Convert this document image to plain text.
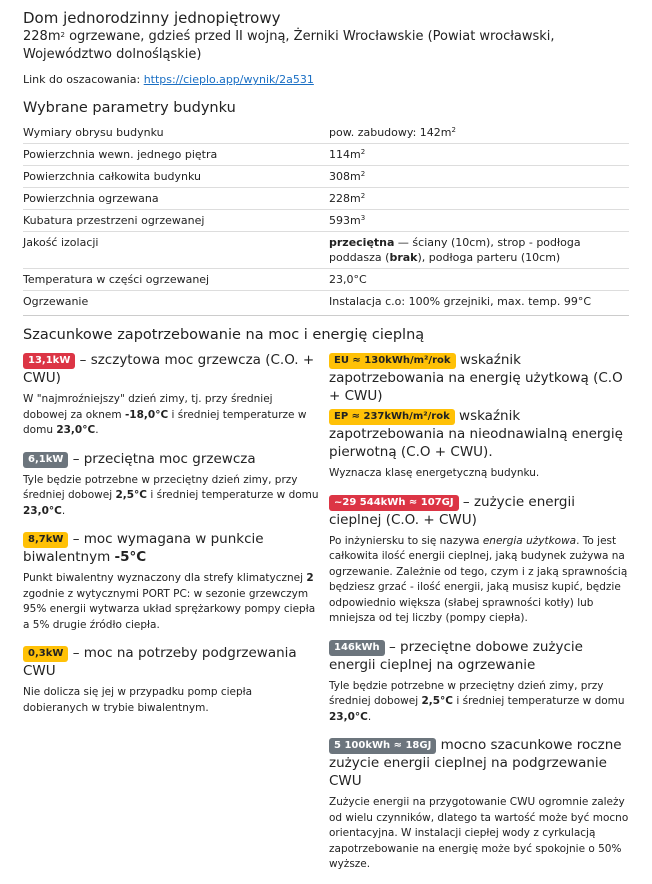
Dom jednorodzinny jednopiętrowy
$228m^2$ ogrzewane, gdzieś przed II wojną, Żerniki Wrocławskie (Powiat wrocławski, Województwo dolnośląskie)
Link do oszacowania: https://cieplo.app/wynik/2a531
Wybrane parametry budynku
Wymiary obrysu budynku	pow. zabudowy: $142m^2$
Powierzchnia wewn. jednego piętra	$114m^2$
Powierzchnia całkowita budynku	$308m^2$
Powierzchnia ogrzewana	$228m^2$
Kubatura przestrzeni ogrzewanej	$593m^3$
Jakość izolacji	przeciętna — ściany (10cm), strop - podłoga poddasza (brak), podłoga parteru (10cm)
Temperatura w części ogrzewanej	23,0°C
Ogrzewanie	Instalacja c.o: 100% grzejniki, max. temp. 99°C
Szacunkowe zapotrzebowanie na moc i energię cieplną
13,1kW – szczytowa moc grzewcza (C.O. + CWU)
W "najmroźniejszy" dzień zimy, tj. przy średniej dobowej za oknem -18,0°C i średniej temperaturze w domu 23,0°C.
6,1kW – przeciętna moc grzewcza
Tyle będzie potrzebne w przeciętny dzień zimy, przy średniej dobowej 2,5°C i średniej temperaturze w domu 23,0°C.
8,7kW – moc wymagana w punkcie biwalentnym -5°C
Punkt biwalentny wyznaczony dla strefy klimatycznej 2 zgodnie z wytycznymi PORT PC: w sezonie grzewczym 95% energii wytwarza układ sprężarkowy pompy ciepła a 5% drugie źródło ciepła.
0,3kW – moc na potrzeby podgrzewania CWU
Nie dolicza się jej w przypadku pomp ciepła dobieranych w trybie biwalentnym.
EU ≈ 130kWh/m²/rok wskaźnik zapotrzebowania na energię użytkową (C.O + CWU)
EP ≈ 237kWh/m²/rok wskaźnik zapotrzebowania na nieodnawialną energię pierwotną (C.O + CWU).
Wyznacza klasę energetyczną budynku.
~29 544kWh ≈ 107GJ – zużycie energii cieplnej (C.O. + CWU)
Po inżyniersku to się nazywa energia użytkowa. To jest całkowita ilość energii cieplnej, jaką budynek zużywa na ogrzewanie. Zależnie od tego, czym i z jaką sprawnością będziesz grzać - ilość energii, jaką musisz kupić, będzie odpowiednio większa (słabej sprawności kotły) lub mniejsza od tej liczby (pompy ciepła).
146kWh – przeciętne dobowe zużycie energii cieplnej na ogrzewanie
Tyle będzie potrzebne w przeciętny dzień zimy, przy średniej dobowej 2,5°C i średniej temperaturze w domu 23,0°C.
5 100kWh ≈ 18GJ mocno szacunkowe roczne zużycie energii cieplnej na podgrzewanie CWU
Zużycie energii na przygotowanie CWU ogromnie zależy od wielu czynników, dlatego ta wartość może być mocno orientacyjna. W instalacji ciepłej wody z cyrkulacją zapotrzebowanie na energię może być spokojnie o 50% wyższe.
